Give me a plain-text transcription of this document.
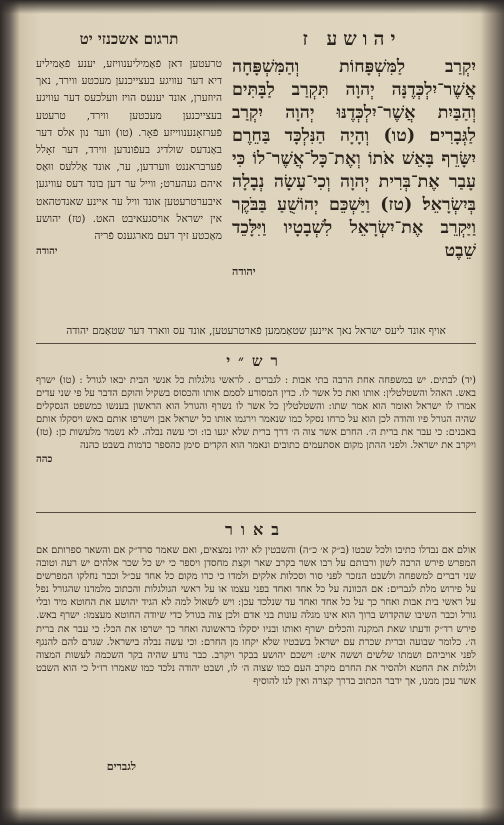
יהושע ז
תרגום אשכנזי יט
יִקְרַב לַמִּשְׁפָּחוֹת וְהַמִּשְׁפָּחָה אֲשֶׁר־יִלְכְּדֶנָּה יְהוָה תִּקְרַב לַבָּתִּים וְהַבַּיִת אֲשֶׁר־יִלְכְּדֶנּוּ יְהוָה יִקְרַב לַגְּבָרִים׃ (טו) וְהָיָה הַנִּלְכָּד בַּחֵרֶם יִשָּׂרֵף בָּאֵשׁ אֹתוֹ וְאֶת־כָּל־אֲשֶׁר־לוֹ כִּי עָבַר אֶת־בְּרִית יְהוָה וְכִי־עָשָׂה נְבָלָה בְּיִשְׂרָאֵל׃ (טז) וַיַּשְׁכֵּם יְהוֹשֻׁעַ בַּבֹּקֶר וַיַּקְרֵב אֶת־יִשְׂרָאֵל לִשְׁבָטָיו וַיִּלָּכֵד שֵׁבֶט
יהודה
טרעטען דאן פֿאַמיליענוויזע, יענע פֿאַמיליע דיא דער עוויגע בעצייכנען מעכטע ווירד, נאך היוזערן, אונד יענעס הויז וועלכעס דער עוויגע בעצייכנען מעכטען ווירד, טרעטע פֿערזאָנענווייזע פֿאָר. (טו) ווער נון אלס דער באַנדעס שולדיג בעפֿונדען ווירד, דער זאָלל פֿערבראננט ווערדען, ער, אונד אַללעס ווּאַס איהם געהערט; ווייל ער דען בונד דעס עוויגען איבערטרעטען אונד וויל ער איינע שאנדטהאט אין ישראל אויסגעאיבט האט. (טז) יהושע מאַכטע זיך דעם מארגענס פֿריה
יהודה
אויף אונד ליעס ישראל נאך איינען שטאַממען פֿארטרעטען, אונד עס ווארד דער שטאַמם יהודה
רש״י
(יד) לבתים. יש במשפחה אחת הרבה בתי אבות : לגברים . לראשי גולגלות כל אנשי הבית יבאו לגורל : (טו) ישרף באש. האהל והשטלטלין: אותו ואת כל אשר לו. כדין המסורע לסמם אותו והכסוס בשקיל והוקם הדבר על פי שני עדים אמרו לו ישראל ואומר הוא אמר שתו: והשטלטלין כל אשר לו נשרף והגורל הוא הראשון בענשו כמשפט הנסקלים שהיה הגורל פיו והודה לכן הוא על כרחו נסקל כמו שנאמר וירגמו אותו כל ישראל אבן וישרפו אותם באש ויסקלו אותם באבנים: כי עבר את ברית ה׳. החרם אשר צוה ה׳ דרך ברית שלא יגעו בו: וכי עשה נבלה. לא נשמר מלעשות כן: (טז) ויקרב את ישראל. ולפני ההתן מקום אסתעמים כתובים ונאמר הוא הקדים סימן כהספר כדמות בשבט כהנה
כהה
באור
אולם אם נבדלו כתיבו ולכל שבטו (ב״ק א׳ כ״ה) והשבטין לא יהיו נמצאים, ואם שאמר סרד״ק אם והשאר ספרותם אם המפרש פירש הרבה לשון ורבותם על רבו אשר בקרב שאר וקצת מחסדן ויספר כי יש כל שכר אלהים יש רעה וטובה שני דברים למשפחה ולשבט הנזכר לפני סור וסכלות אלקים ולמדו כי כרו מקום כל אחד עכ״ל וכבר נחלקו המפרשים על פירוש מלת לגברים: אם הכוונה על כל אחד ואחד בפני עצמו או על ראשי הגולגלות והכתוב מלמדנו שהגורל נפל על ראשי בית אבות ואחר כך על כל אחד ואחד עד שנלכד עכן: ויש לשאול למה לא הגיד יהושע את החוטא מיד ובלי גורל וכבר השיבו שהקדוש ברוך הוא אינו מגלה עונות בני אדם ולכן צוה בגורל כדי שיודה החוטא מעצמו: ישרף באש. פירש רד״ק ודעתו שאת המקנה והכלים ישרף ואותו ובניו יסקלו בראשונה ואחר כך ישרפו את הכל: כי עבר את ברית ה׳. כלומר שבועה וברית שכרת עם ישראל בשבטיו שלא יקחו מן החרם: וכי עשה נבלה בישראל. שגרם להם להנגף לפני אויביהם ושמתו שלשים וששה איש: וישכם יהושע בבקר ויקרב. כבר נודע שהיה בקר השכמה לעשות המצוה ולגלות את החטא ולהסיר את החרם מקרב העם כמו שצוה ה׳ לו, ושבט יהודה נלכד כמו שאמרו רז״ל כי הוא השבט אשר עכן ממנו, אך ידבר הכתוב בדרך קצרה ואין לנו להוסיף
לגברים
